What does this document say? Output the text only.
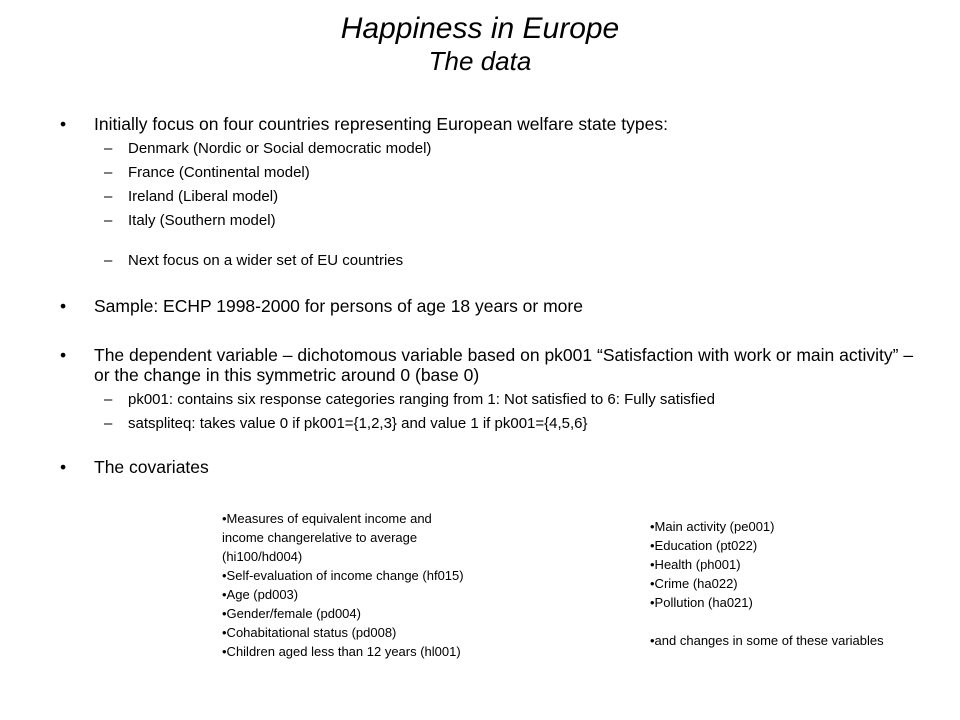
Happiness in Europe
The data
• Initially focus on four countries representing European welfare state types:
–	Denmark (Nordic or Social democratic model)
–	France (Continental model)
–	Ireland (Liberal model)
–	Italy (Southern model)
–	Next focus on a wider set of EU countries
• Sample: ECHP 1998-2000 for persons of age 18 years or more
• The dependent variable – dichotomous variable based on pk001 “Satisfaction with work or main activity” – or the change in this symmetric around 0 (base 0)
–	pk001: contains six response categories ranging from 1: Not satisfied to 6: Fully satisfied
–	satspliteq: takes value 0 if pk001={1,2,3} and value 1 if pk001={4,5,6}
• The covariates
•Measures of equivalent income and income changerelative to average (hi100/hd004)
•Self-evaluation of income change (hf015)
•Age (pd003)
•Gender/female (pd004)
•Cohabitational status (pd008)
•Children aged less than 12 years (hl001)
•Main activity (pe001)
•Education (pt022)
•Health (ph001)
•Crime (ha022)
•Pollution (ha021)
•and changes in some of these variables
